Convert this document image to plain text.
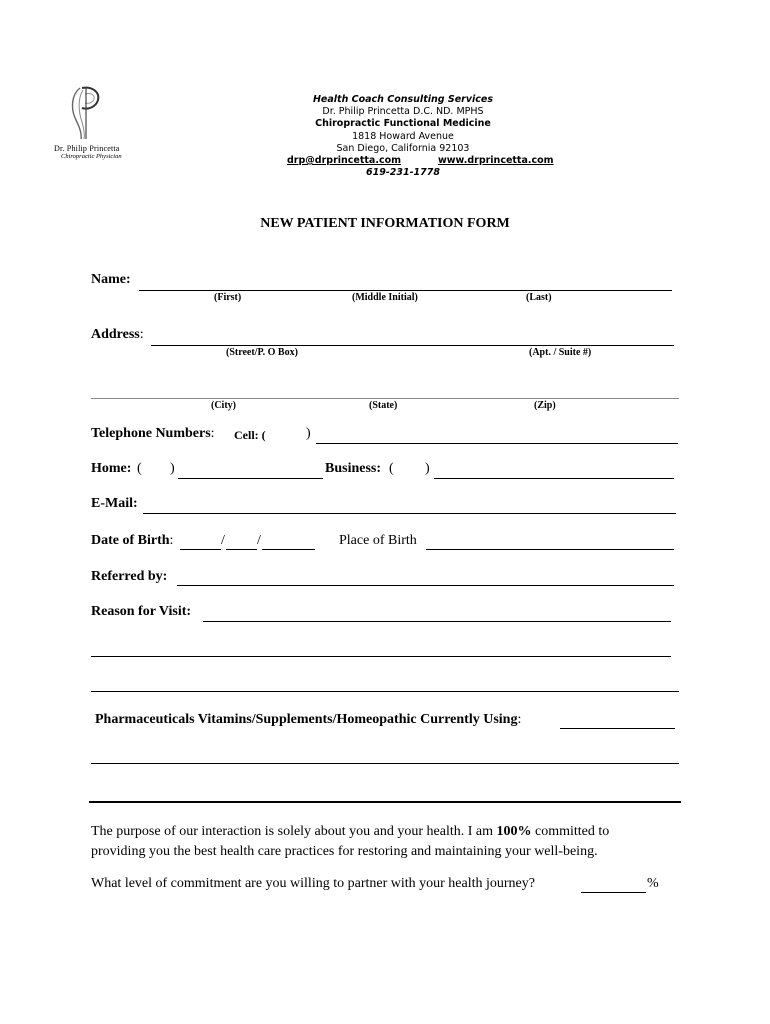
Dr. Philip Princetta
Chiropractic Physician
Health Coach Consulting Services
Dr. Philip Princetta D.C. ND. MPHS
Chiropractic Functional Medicine
1818 Howard Avenue
San Diego, California 92103
drp@drprincetta.com	www.drprincetta.com
619-231-1778
NEW PATIENT INFORMATION FORM
Name:
(First)	(Middle Initial)	(Last)
Address:
(Street/P. O Box)	(Apt. / Suite #)
(City)	(State)	(Zip)
Telephone Numbers: Cell: (	)
Home: ( )	Business: ( )
E-Mail:
Date of Birth:	/ /	Place of Birth
Referred by:
Reason for Visit:
Pharmaceuticals Vitamins/Supplements/Homeopathic Currently Using:
The purpose of our interaction is solely about you and your health. I am 100% committed to
providing you the best health care practices for restoring and maintaining your well-being.
What level of commitment are you willing to partner with your health journey?	%
